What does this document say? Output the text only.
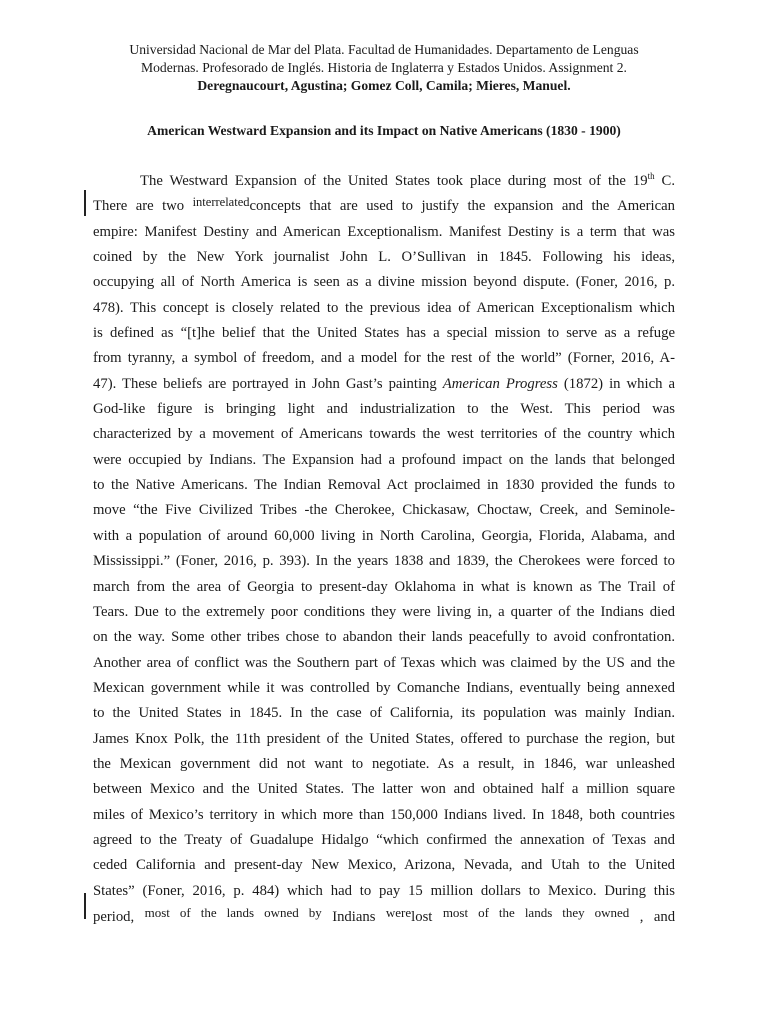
Universidad Nacional de Mar del Plata. Facultad de Humanidades. Departamento de Lenguas
Modernas. Profesorado de Inglés. Historia de Inglaterra y Estados Unidos. Assignment 2.
Deregnaucourt, Agustina; Gomez Coll, Camila; Mieres, Manuel.
American Westward Expansion and its Impact on Native Americans (1830 - 1900)
The Westward Expansion of the United States took place during most of the 19th C.
There are two interrelatedconcepts that are used to justify the expansion and the American
empire: Manifest Destiny and American Exceptionalism. Manifest Destiny is a term that was
coined by the New York journalist John L. O’Sullivan in 1845. Following his ideas,
occupying all of North America is seen as a divine mission beyond dispute. (Foner, 2016, p.
478). This concept is closely related to the previous idea of American Exceptionalism which
is defined as “[t]he belief that the United States has a special mission to serve as a refuge
from tyranny, a symbol of freedom, and a model for the rest of the world” (Forner, 2016, A-
47). These beliefs are portrayed in John Gast’s painting American Progress (1872) in which a
God-like figure is bringing light and industrialization to the West. This period was
characterized by a movement of Americans towards the west territories of the country which
were occupied by Indians. The Expansion had a profound impact on the lands that belonged
to the Native Americans. The Indian Removal Act proclaimed in 1830 provided the funds to
move “the Five Civilized Tribes -the Cherokee, Chickasaw, Choctaw, Creek, and Seminole-
with a population of around 60,000 living in North Carolina, Georgia, Florida, Alabama, and
Mississippi.” (Foner, 2016, p. 393). In the years 1838 and 1839, the Cherokees were forced to
march from the area of Georgia to present-day Oklahoma in what is known as The Trail of
Tears. Due to the extremely poor conditions they were living in, a quarter of the Indians died
on the way. Some other tribes chose to abandon their lands peacefully to avoid confrontation.
Another area of conflict was the Southern part of Texas which was claimed by the US and the
Mexican government while it was controlled by Comanche Indians, eventually being annexed
to the United States in 1845. In the case of California, its population was mainly Indian.
James Knox Polk, the 11th president of the United States, offered to purchase the region, but
the Mexican government did not want to negotiate. As a result, in 1846, war unleashed
between Mexico and the United States. The latter won and obtained half a million square
miles of Mexico’s territory in which more than 150,000 Indians lived. In 1848, both countries
agreed to the Treaty of Guadalupe Hidalgo “which confirmed the annexation of Texas and
ceded California and present-day New Mexico, Arizona, Nevada, and Utah to the United
States” (Foner, 2016, p. 484) which had to pay 15 million dollars to Mexico. During this
period, most of the lands owned by Indians werelost most of the lands they owned , and
